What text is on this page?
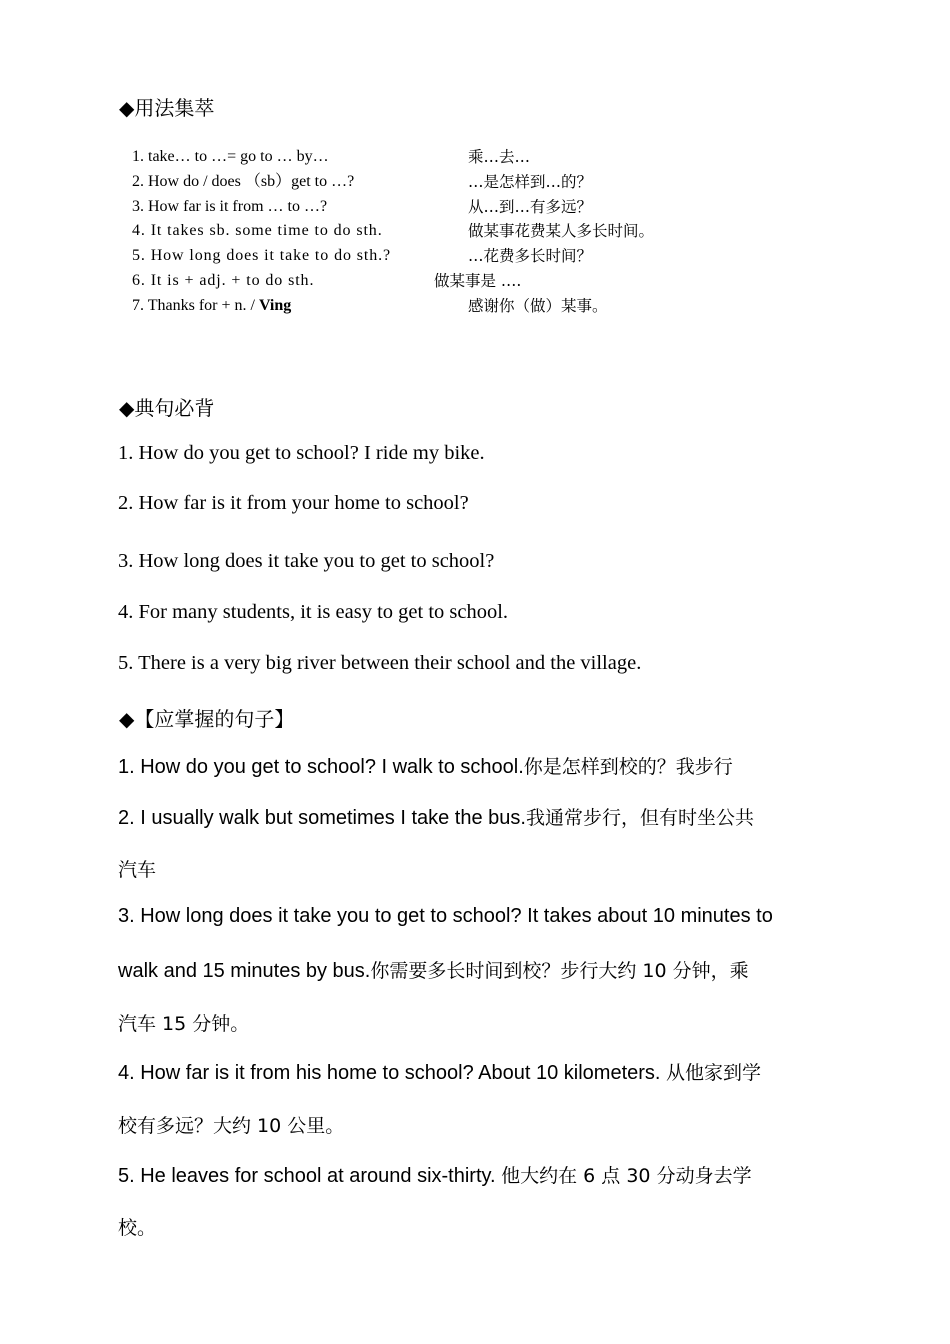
◆用法集萃
1. take… to …= go to … by…	乘…去…
2. How do / does （sb）get to …?	…是怎样到…的？
3. How far is it from … to …?	从…到…有多远？
4. It takes sb. some time to do sth.	做某事花费某人多长时间。
5. How long does it take to do sth.?	…花费多长时间？
6. It is + adj. + to do sth.	做某事是 ….
7. Thanks for + n. / Ving	感谢你（做）某事。
◆典句必背
1. How do you get to school? I ride my bike.
2. How far is it from your home to school?
3. How long does it take you to get to school?
4. For many students, it is easy to get to school.
5. There is a very big river between their school and the village.
◆【应掌握的句子】
1. How do you get to school? I walk to school.你是怎样到校的？我步行
2. I usually walk but sometimes I take the bus.我通常步行，但有时坐公共
汽车
3. How long does it take you to get to school? It takes about 10 minutes to
walk and 15 minutes by bus.你需要多长时间到校？步行大约 10 分钟，乘
汽车 15 分钟。
4. How far is it from his home to school? About 10 kilometers. 从他家到学
校有多远？大约 10 公里。
5. He leaves for school at around six-thirty. 他大约在 6 点 30 分动身去学
校。
